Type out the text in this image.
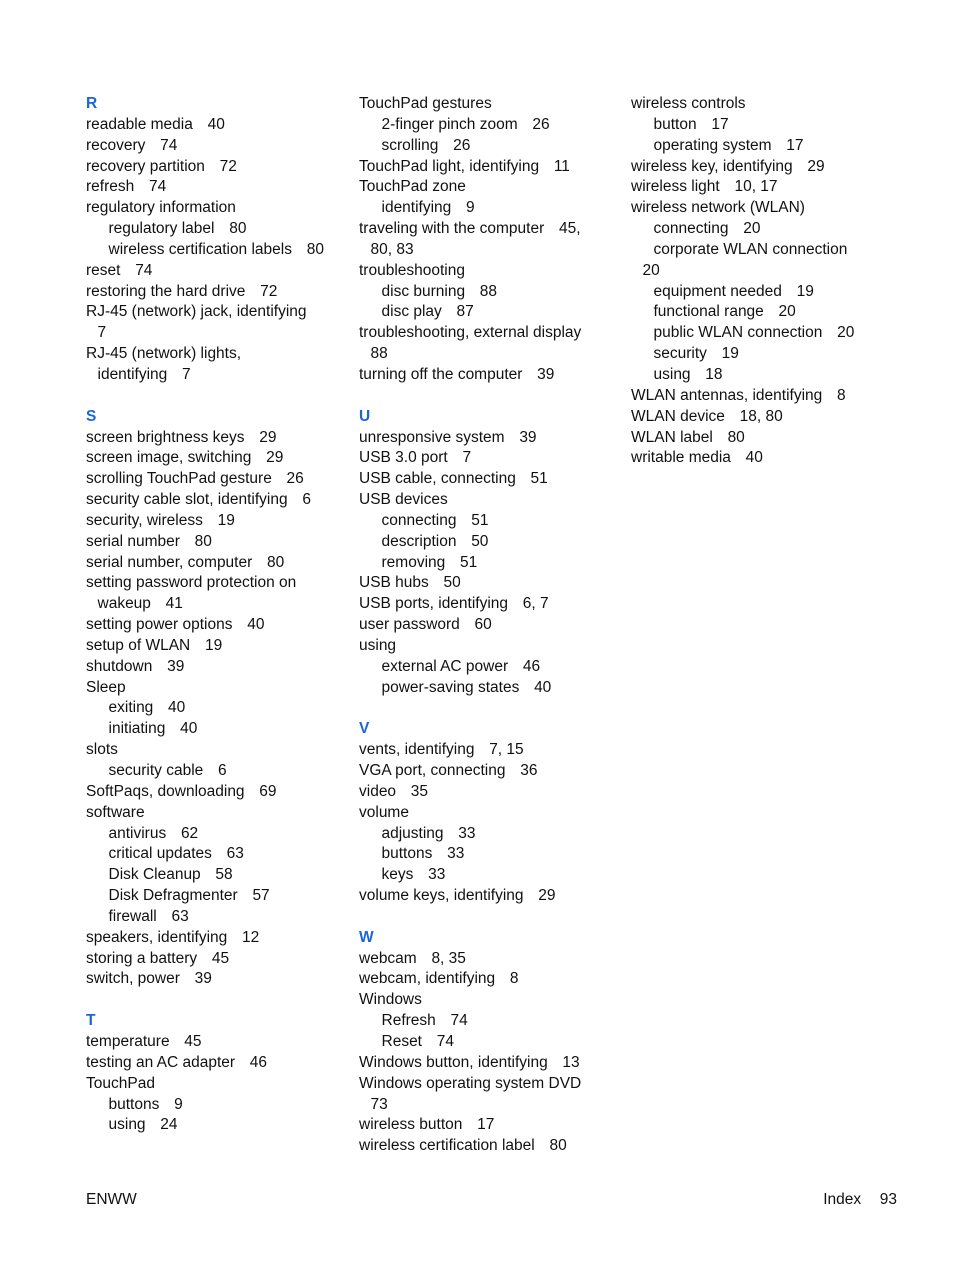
R
readable media 40
recovery 74
recovery partition 72
refresh 74
regulatory information
regulatory label 80
wireless certification labels 80
reset 74
restoring the hard drive 72
RJ-45 (network) jack, identifying
7
RJ-45 (network) lights,
identifying 7
S
screen brightness keys 29
screen image, switching 29
scrolling TouchPad gesture 26
security cable slot, identifying 6
security, wireless 19
serial number 80
serial number, computer 80
setting password protection on
wakeup 41
setting power options 40
setup of WLAN 19
shutdown 39
Sleep
exiting 40
initiating 40
slots
security cable 6
SoftPaqs, downloading 69
software
antivirus 62
critical updates 63
Disk Cleanup 58
Disk Defragmenter 57
firewall 63
speakers, identifying 12
storing a battery 45
switch, power 39
T
temperature 45
testing an AC adapter 46
TouchPad
buttons 9
using 24
TouchPad gestures
2-finger pinch zoom 26
scrolling 26
TouchPad light, identifying 11
TouchPad zone
identifying 9
traveling with the computer 45,
80, 83
troubleshooting
disc burning 88
disc play 87
troubleshooting, external display
88
turning off the computer 39
U
unresponsive system 39
USB 3.0 port 7
USB cable, connecting 51
USB devices
connecting 51
description 50
removing 51
USB hubs 50
USB ports, identifying 6, 7
user password 60
using
external AC power 46
power-saving states 40
V
vents, identifying 7, 15
VGA port, connecting 36
video 35
volume
adjusting 33
buttons 33
keys 33
volume keys, identifying 29
W
webcam 8, 35
webcam, identifying 8
Windows
Refresh 74
Reset 74
Windows button, identifying 13
Windows operating system DVD
73
wireless button 17
wireless certification label 80
wireless controls
button 17
operating system 17
wireless key, identifying 29
wireless light 10, 17
wireless network (WLAN)
connecting 20
corporate WLAN connection
20
equipment needed 19
functional range 20
public WLAN connection 20
security 19
using 18
WLAN antennas, identifying 8
WLAN device 18, 80
WLAN label 80
writable media 40
ENWW	Index 93
